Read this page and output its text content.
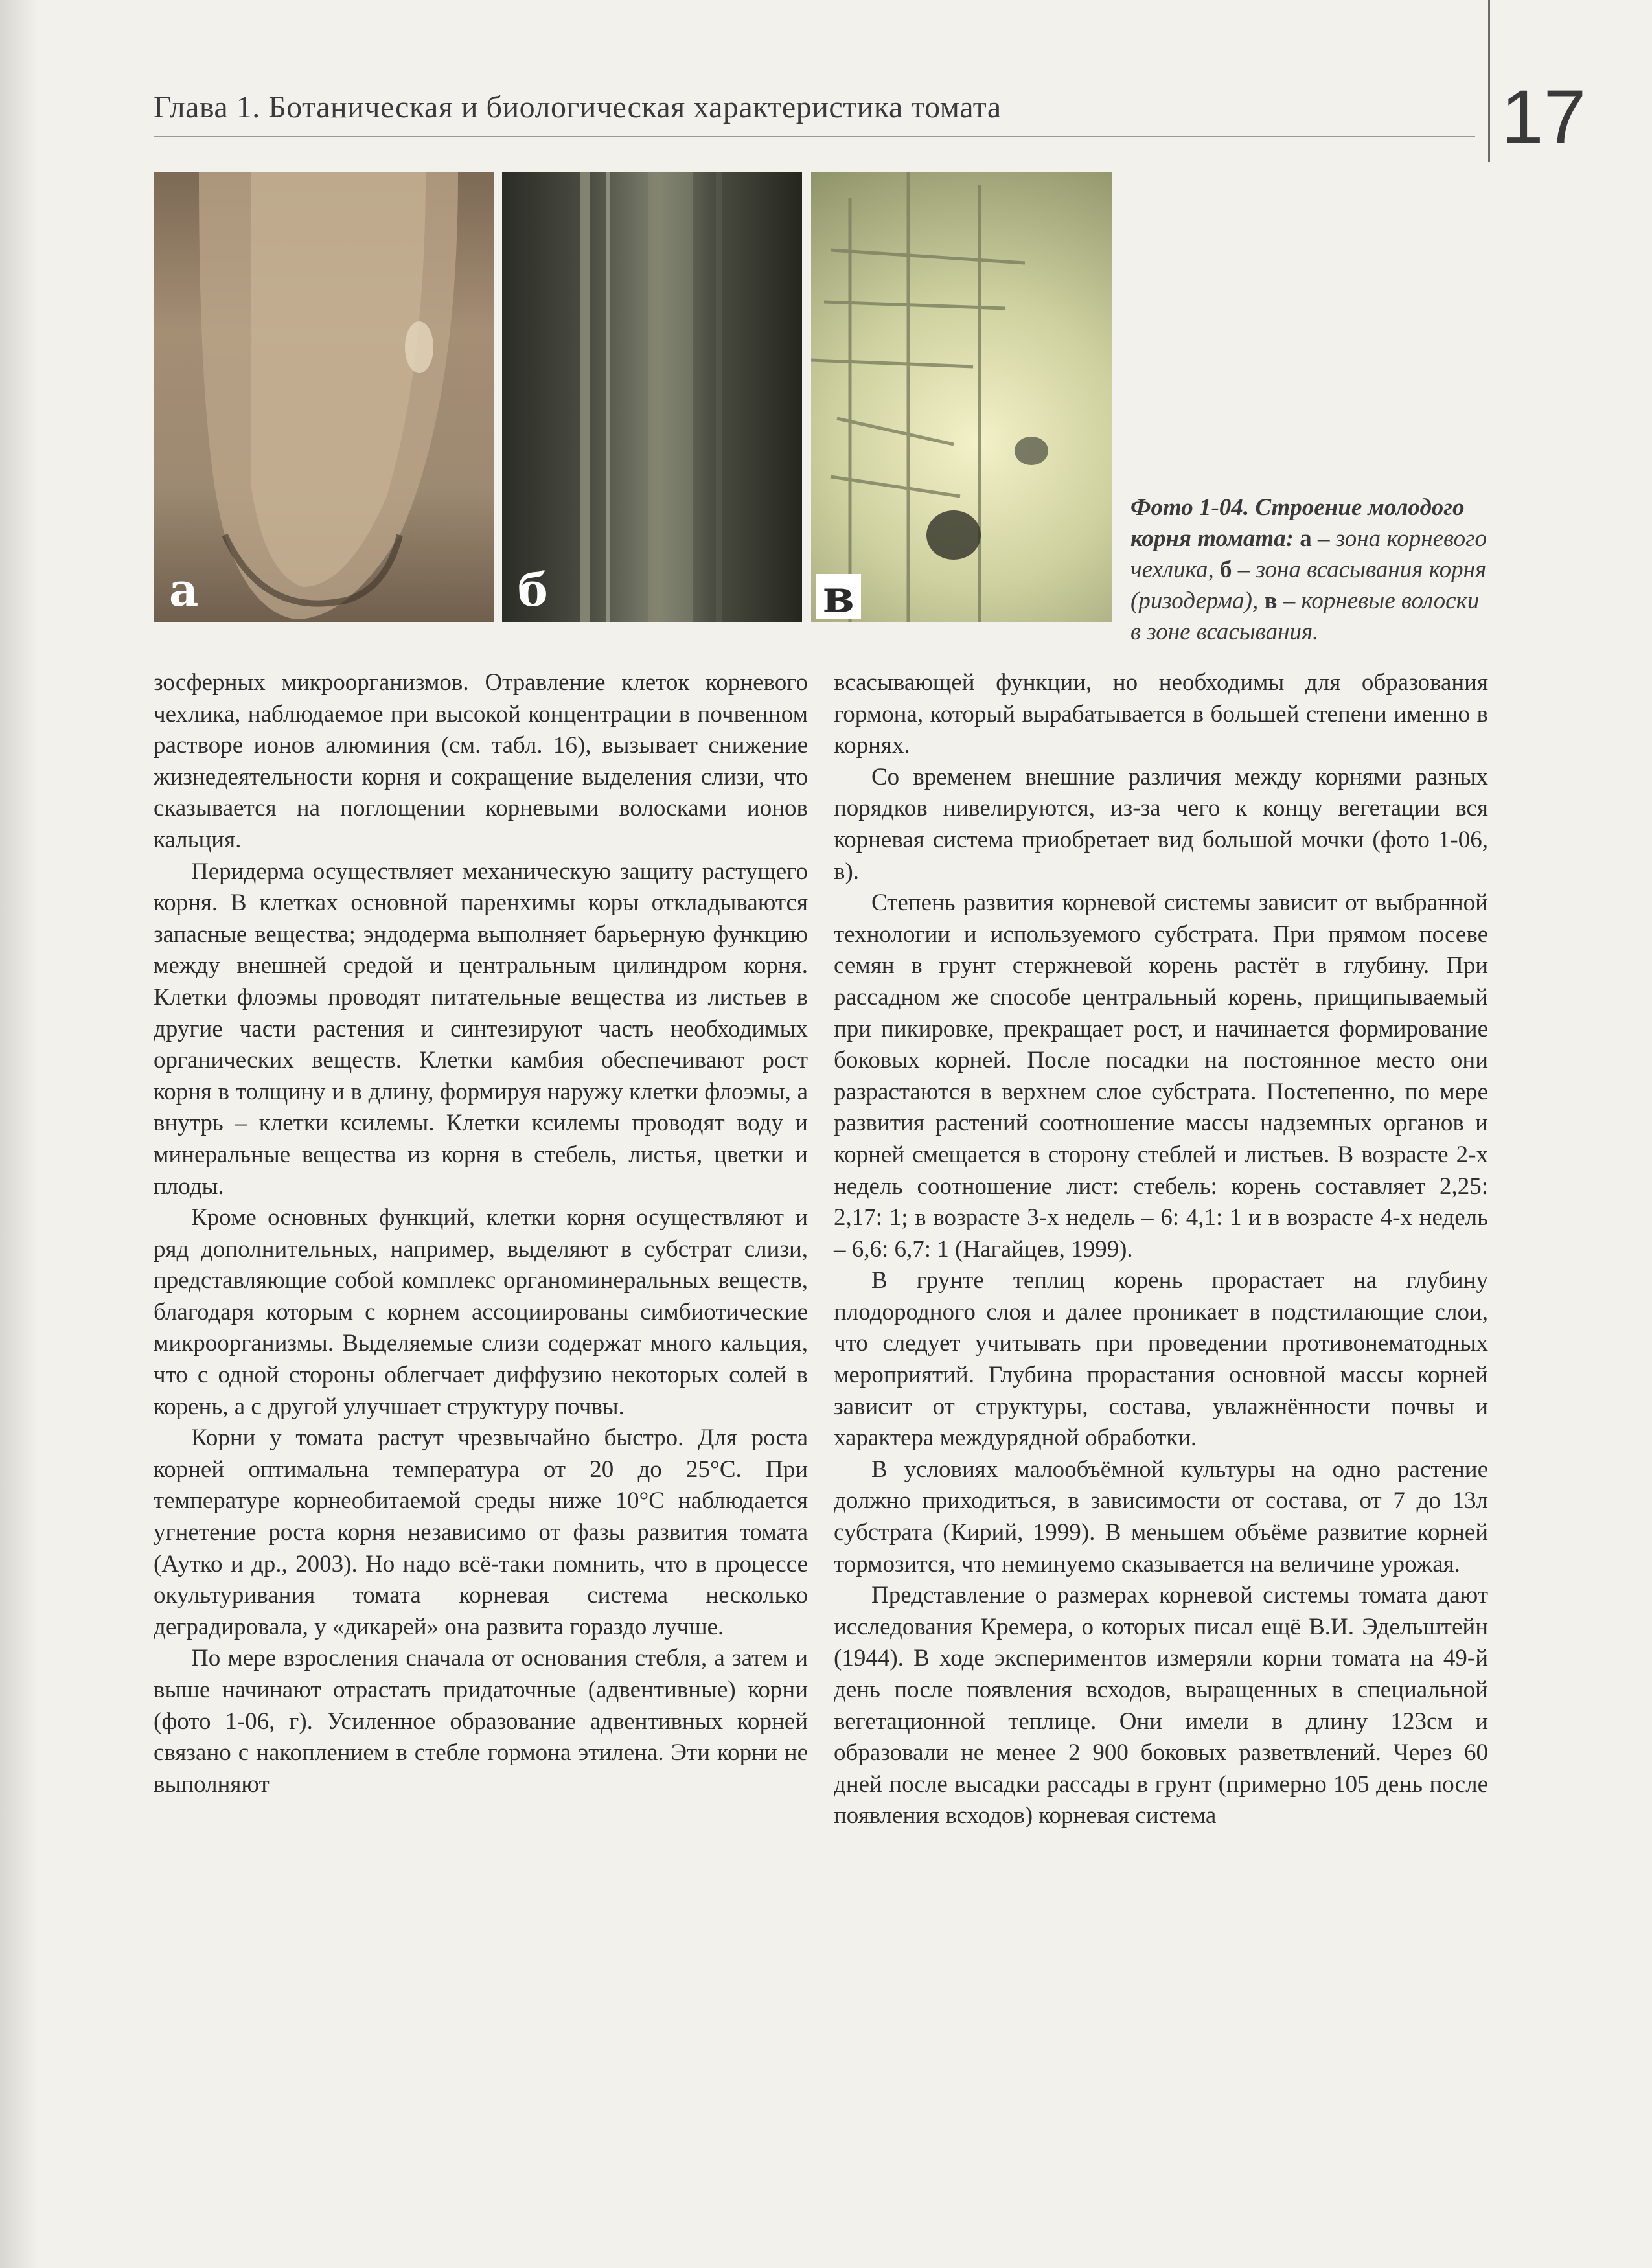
Глава 1. Ботаническая и биологическая характеристика томата	17
а	б	в
Фото 1-04. Строение молодого корня томата: а – зона корневого чехлика, б – зона всасывания корня (ризодерма), в – корневые волоски в зоне всасывания.

зосферных микроорганизмов. Отравление клеток корневого чехлика, наблюдаемое при высокой концентрации в почвенном растворе ионов алюминия (см. табл. 16), вызывает снижение жизнедеятельности корня и сокращение выделения слизи, что сказывается на поглощении корневыми волосками ионов кальция.

Перидерма осуществляет механическую защиту растущего корня. В клетках основной паренхимы коры откладываются запасные вещества; эндодерма выполняет барьерную функцию между внешней средой и центральным цилиндром корня. Клетки флоэмы проводят питательные вещества из листьев в другие части растения и синтезируют часть необходимых органических веществ. Клетки камбия обеспечивают рост корня в толщину и в длину, формируя наружу клетки флоэмы, а внутрь – клетки ксилемы. Клетки ксилемы проводят воду и минеральные вещества из корня в стебель, листья, цветки и плоды.

Кроме основных функций, клетки корня осуществляют и ряд дополнительных, например, выделяют в субстрат слизи, представляющие собой комплекс органоминеральных веществ, благодаря которым с корнем ассоциированы симбиотические микроорганизмы. Выделяемые слизи содержат много кальция, что с одной стороны облегчает диффузию некоторых солей в корень, а с другой улучшает структуру почвы.

Корни у томата растут чрезвычайно быстро. Для роста корней оптимальна температура от 20 до 25°С. При температуре корнеобитаемой среды ниже 10°С наблюдается угнетение роста корня независимо от фазы развития томата (Аутко и др., 2003). Но надо всё-таки помнить, что в процессе окультуривания томата корневая система несколько деградировала, у «дикарей» она развита гораздо лучше.

По мере взросления сначала от основания стебля, а затем и выше начинают отрастать придаточные (адвентивные) корни (фото 1-06, г). Усиленное образование адвентивных корней связано с накоплением в стебле гормона этилена. Эти корни не выполняют

всасывающей функции, но необходимы для образования гормона, который вырабатывается в большей степени именно в корнях.

Со временем внешние различия между корнями разных порядков нивелируются, из-за чего к концу вегетации вся корневая система приобретает вид большой мочки (фото 1-06, в).

Степень развития корневой системы зависит от выбранной технологии и используемого субстрата. При прямом посеве семян в грунт стержневой корень растёт в глубину. При рассадном же способе центральный корень, прищипываемый при пикировке, прекращает рост, и начинается формирование боковых корней. После посадки на постоянное место они разрастаются в верхнем слое субстрата. Постепенно, по мере развития растений соотношение массы надземных органов и корней смещается в сторону стеблей и листьев. В возрасте 2-х недель соотношение лист: стебель: корень составляет 2,25: 2,17: 1; в возрасте 3-х недель – 6: 4,1: 1 и в возрасте 4-х недель – 6,6: 6,7: 1 (Нагайцев, 1999).

В грунте теплиц корень прорастает на глубину плодородного слоя и далее проникает в подстилающие слои, что следует учитывать при проведении противонематодных мероприятий. Глубина прорастания основной массы корней зависит от структуры, состава, увлажнённости почвы и характера междурядной обработки.

В условиях малообъёмной культуры на одно растение должно приходиться, в зависимости от состава, от 7 до 13л субстрата (Кирий, 1999). В меньшем объёме развитие корней тормозится, что неминуемо сказывается на величине урожая.

Представление о размерах корневой системы томата дают исследования Кремера, о которых писал ещё В.И. Эдельштейн (1944). В ходе экспериментов измеряли корни томата на 49-й день после появления всходов, выращенных в специальной вегетационной теплице. Они имели в длину 123см и образовали не менее 2 900 боковых разветвлений. Через 60 дней после высадки рассады в грунт (примерно 105 день после появления всходов) корневая система
